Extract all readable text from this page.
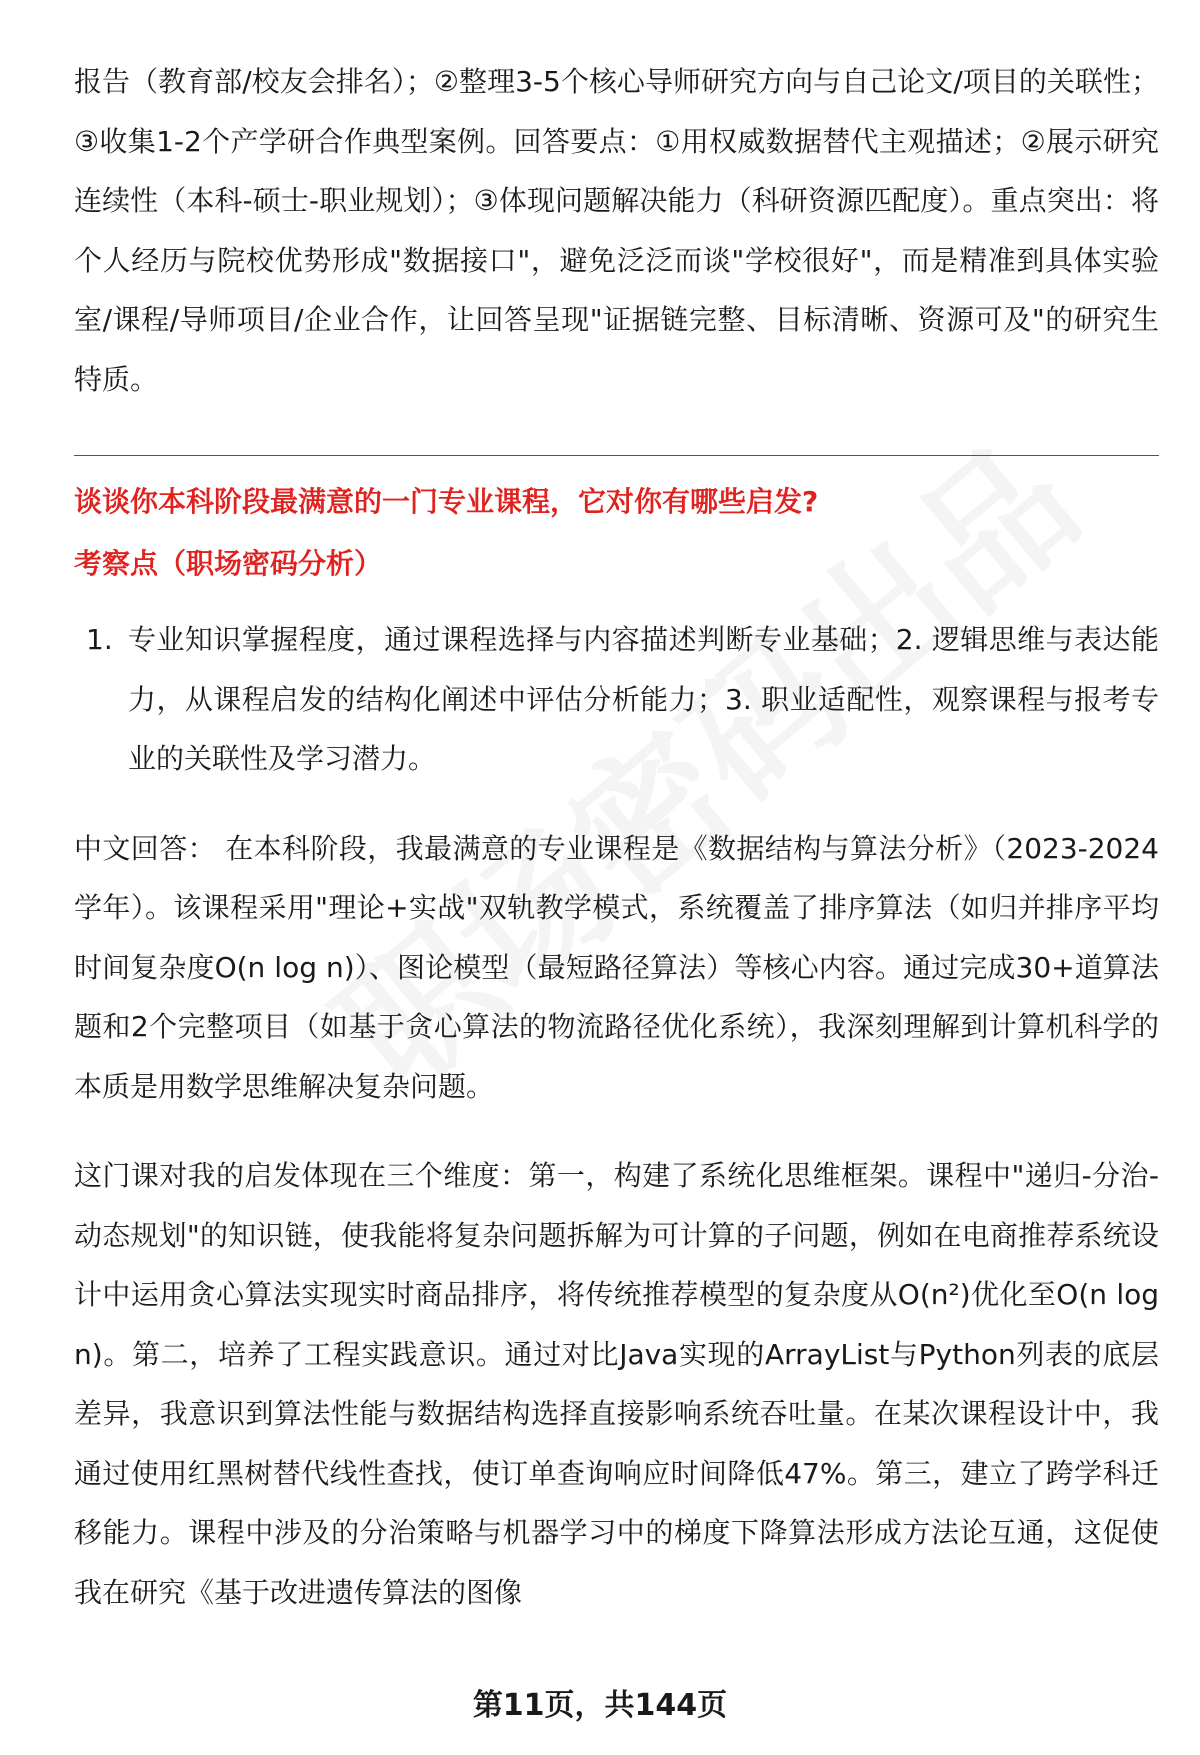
报告（教育部/校友会排名）；②整理3-5个核心导师研究方向与自己论文/项目的关联性；③收集1-2个产学研合作典型案例。回答要点：①用权威数据替代主观描述；②展示研究连续性（本科-硕士-职业规划）；③体现问题解决能力（科研资源匹配度）。重点突出：将个人经历与院校优势形成"数据接口"，避免泛泛而谈"学校很好"，而是精准到具体实验室/课程/导师项目/企业合作，让回答呈现"证据链完整、目标清晰、资源可及"的研究生特质。

谈谈你本科阶段最满意的一门专业课程，它对你有哪些启发?

考察点（职场密码分析）

1. 专业知识掌握程度，通过课程选择与内容描述判断专业基础；2. 逻辑思维与表达能力，从课程启发的结构化阐述中评估分析能力；3. 职业适配性，观察课程与报考专业的关联性及学习潜力。

中文回答： 在本科阶段，我最满意的专业课程是《数据结构与算法分析》（2023-2024学年）。该课程采用"理论+实战"双轨教学模式，系统覆盖了排序算法（如归并排序平均时间复杂度O(n log n)）、图论模型（最短路径算法）等核心内容。通过完成30+道算法题和2个完整项目（如基于贪心算法的物流路径优化系统），我深刻理解到计算机科学的本质是用数学思维解决复杂问题。

这门课对我的启发体现在三个维度：第一，构建了系统化思维框架。课程中"递归-分治-动态规划"的知识链，使我能将复杂问题拆解为可计算的子问题，例如在电商推荐系统设计中运用贪心算法实现实时商品排序，将传统推荐模型的复杂度从O(n²)优化至O(n log n)。第二，培养了工程实践意识。通过对比Java实现的ArrayList与Python列表的底层差异，我意识到算法性能与数据结构选择直接影响系统吞吐量。在某次课程设计中，我通过使用红黑树替代线性查找，使订单查询响应时间降低47%。第三，建立了跨学科迁移能力。课程中涉及的分治策略与机器学习中的梯度下降算法形成方法论互通，这促使我在研究《基于改进遗传算法的图像

第11页，共144页
